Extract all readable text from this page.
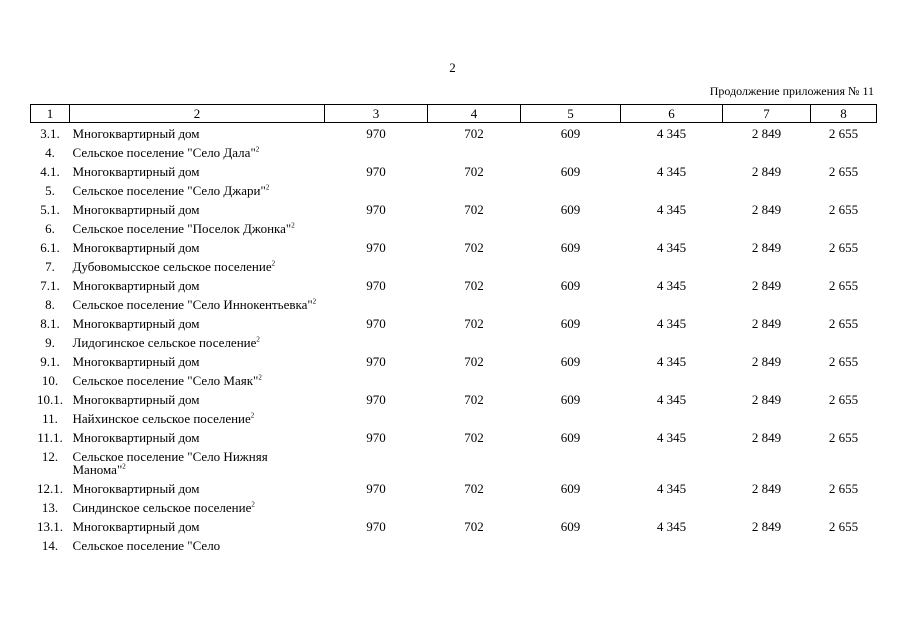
2
Продолжение приложения № 11
1	2	3	4	5	6	7	8
3.1.	Многоквартирный дом	970	702	609	4 345	2 849	2 655
4.	Сельское поселение "Село Дала"$^2$						
4.1.	Многоквартирный дом	970	702	609	4 345	2 849	2 655
5.	Сельское поселение "Село Джари"$^2$						
5.1.	Многоквартирный дом	970	702	609	4 345	2 849	2 655
6.	Сельское поселение "Поселок Джонка"$^2$						
6.1.	Многоквартирный дом	970	702	609	4 345	2 849	2 655
7.	Дубовомысское сельское поселение$^2$						
7.1.	Многоквартирный дом	970	702	609	4 345	2 849	2 655
8.	Сельское поселение "Село Иннокентьевка"$^2$						
8.1.	Многоквартирный дом	970	702	609	4 345	2 849	2 655
9.	Лидогинское сельское поселение$^2$						
9.1.	Многоквартирный дом	970	702	609	4 345	2 849	2 655
10.	Сельское поселение "Село Маяк"$^2$						
10.1.	Многоквартирный дом	970	702	609	4 345	2 849	2 655
11.	Найхинское сельское поселение$^2$						
11.1.	Многоквартирный дом	970	702	609	4 345	2 849	2 655
12.	Сельское поселение "Село Нижняя Манома"$^2$						
12.1.	Многоквартирный дом	970	702	609	4 345	2 849	2 655
13.	Синдинское сельское поселение$^2$						
13.1.	Многоквартирный дом	970	702	609	4 345	2 849	2 655
14.	Сельское поселение "Село						
